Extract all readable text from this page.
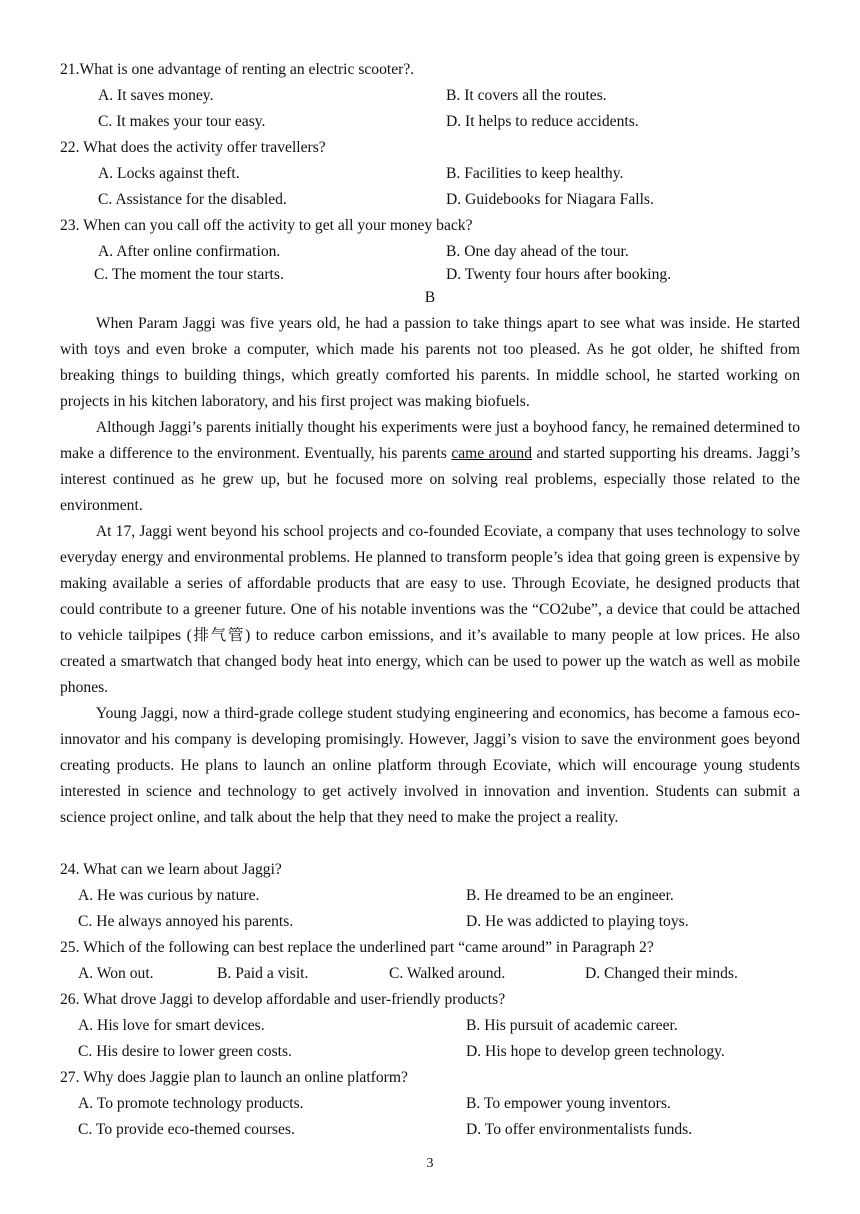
21.What is one advantage of renting an electric scooter?.
A. It saves money.	B. It covers all the routes.
C. It makes your tour easy.	D. It helps to reduce accidents.
22. What does the activity offer travellers?
A. Locks against theft.	B. Facilities to keep healthy.
C. Assistance for the disabled.	D. Guidebooks for Niagara Falls.
23. When can you call off the activity to get all your money back?
A. After online confirmation.	B. One day ahead of the tour.
C. The moment the tour starts.	D. Twenty four hours after booking.
B
When Param Jaggi was five years old, he had a passion to take things apart to see what was inside. He started with toys and even broke a computer, which made his parents not too pleased. As he got older, he shifted from breaking things to building things, which greatly comforted his parents. In middle school, he started working on projects in his kitchen laboratory, and his first project was making biofuels.
Although Jaggi’s parents initially thought his experiments were just a boyhood fancy, he remained determined to make a difference to the environment. Eventually, his parents came around and started supporting his dreams. Jaggi’s interest continued as he grew up, but he focused more on solving real problems, especially those related to the environment.
At 17, Jaggi went beyond his school projects and co-founded Ecoviate, a company that uses technology to solve everyday energy and environmental problems. He planned to transform people’s idea that going green is expensive by making available a series of affordable products that are easy to use. Through Ecoviate, he designed products that could contribute to a greener future. One of his notable inventions was the “CO2ube”, a device that could be attached to vehicle tailpipes (排气管) to reduce carbon emissions, and it’s available to many people at low prices. He also created a smartwatch that changed body heat into energy, which can be used to power up the watch as well as mobile phones.
Young Jaggi, now a third-grade college student studying engineering and economics, has become a famous eco-innovator and his company is developing promisingly. However, Jaggi’s vision to save the environment goes beyond creating products. He plans to launch an online platform through Ecoviate, which will encourage young students interested in science and technology to get actively involved in innovation and invention. Students can submit a science project online, and talk about the help that they need to make the project a reality.
24. What can we learn about Jaggi?
A. He was curious by nature.	B. He dreamed to be an engineer.
C. He always annoyed his parents.	D. He was addicted to playing toys.
25. Which of the following can best replace the underlined part “came around” in Paragraph 2?
A. Won out.	B. Paid a visit.	C. Walked around.	D. Changed their minds.
26. What drove Jaggi to develop affordable and user-friendly products?
A. His love for smart devices.	B. His pursuit of academic career.
C. His desire to lower green costs.	D. His hope to develop green technology.
27. Why does Jaggie plan to launch an online platform?
A. To promote technology products.	B. To empower young inventors.
C. To provide eco-themed courses.	D. To offer environmentalists funds.
3
